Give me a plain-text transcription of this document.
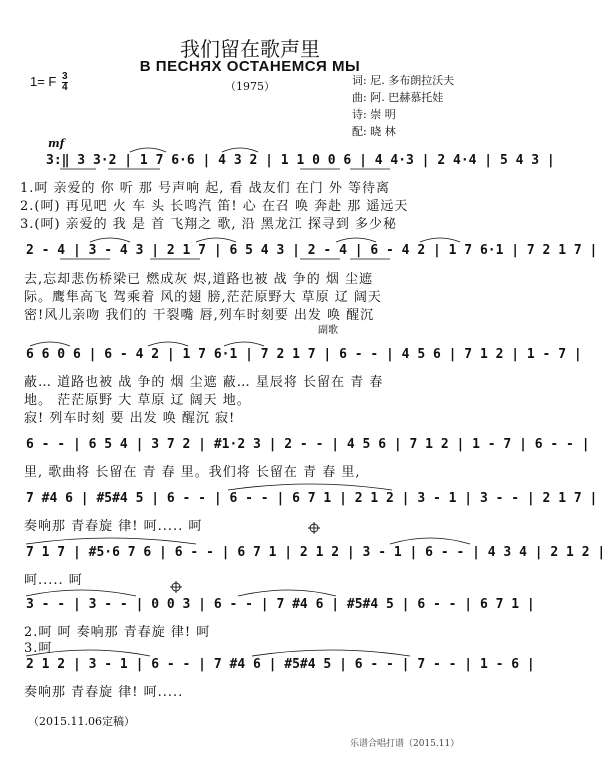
我们留在歌声里
В ПЕСНЯХ ОСТАНЕМСЯ МЫ
（1975）
1= F $\frac{3}{4}$	词: 尼. 多布朗拉沃夫
曲: 阿. 巴赫慕托娃
诗: 崇 明
配: 晓 林
mf
3:‖ 3 3·2 | 1 7 6·6 | 4 3 2 | 1 1 0 0 6 | 4 4·3 | 2 4·4 | 5 4 3 |
1.呵 亲爱的 你 听 那 号声响 起, 看 战友们 在门 外 等待离
2.(呵) 再见吧 火 车 头 长鸣汽 笛! 心 在召 唤 奔赴 那 遥远天
3.(呵) 亲爱的 我 是 首 飞翔之 歌, 沿 黑龙江 探寻到 多少秘
2 - 4 | 3 - 4 3 | 2 1 7 | 6 5 4 3 | 2 - 4 | 6 - 4 2 | 1 7 6·1 | 7 2 1 7 |
去,忘却悲伤桥梁已 燃成灰 烬,道路也被 战 争的 烟 尘遮
际。鹰隼高飞 驾乘着 风的翅 膀,茫茫原野大 草原 辽 阔天
密!风儿亲吻 我们的 干裂嘴 唇,列车时刻要 出发 唤 醒沉
副歌
6 6 0 6 | 6 - 4 2 | 1 7 6·1 | 7 2 1 7 | 6 - - | 4 5 6 | 7 1 2 | 1 - 7 |
蔽… 道路也被 战 争的 烟 尘遮 蔽… 星辰将 长留在 青 春
地。 茫茫原野 大 草原 辽 阔天 地。
寂! 列车时刻 要 出发 唤 醒沉 寂!
6 - - | 6 5 4 | 3 7 2 | #1·2 3 | 2 - - | 4 5 6 | 7 1 2 | 1 - 7 | 6 - - |
里, 歌曲将 长留在 青 春 里。我们将 长留在 青 春 里,
7 #4 6 | #5#4 5 | 6 - - | 6 - - | 6 7 1 | 2 1 2 | 3 - 1 | 3 - - | 2 1 7 |
奏响那 青春旋 律! 呵..... 呵
7 1 7 | #5·6 7 6 | 6 - - | 6 7 1 | 2 1 2 | 3 - 1 | 6 - - | 4 3 4 | 2 1 2 |
呵..... 呵
3 - - | 3 - - | 0 0 3 | 6 - - | 7 #4 6 | #5#4 5 | 6 - - | 6 7 1 |
2.呵 呵 奏响那 青春旋 律! 呵
3.呵
2 1 2 | 3 - 1 | 6 - - | 7 #4 6 | #5#4 5 | 6 - - | 7 - - | 1 - 6 |
奏响那 青春旋 律! 呵.....
（2015.11.06定稿）
乐谱合唱打谱（2015.11）
